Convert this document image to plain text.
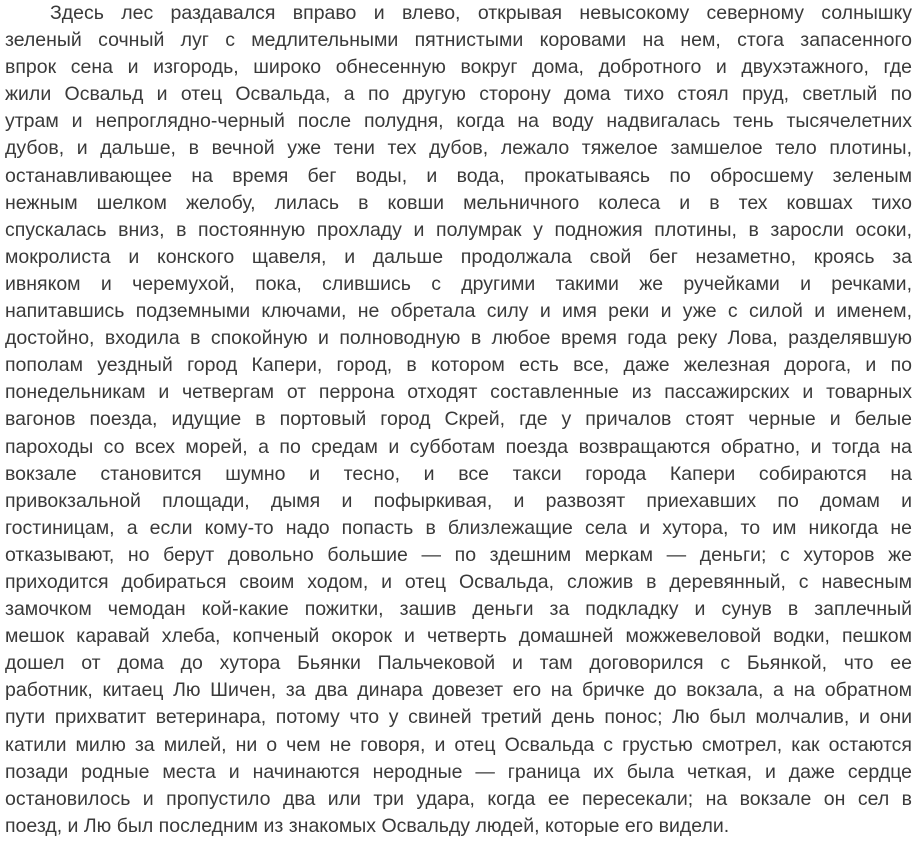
Здесь лес раздавался вправо и влево, открывая невысокому северному солнышку
зеленый сочный луг с медлительными пятнистыми коровами на нем, стога запасенного
впрок сена и изгородь, широко обнесенную вокруг дома, добротного и двухэтажного, где
жили Освальд и отец Освальда, а по другую сторону дома тихо стоял пруд, светлый по
утрам и непроглядно-черный после полудня, когда на воду надвигалась тень тысячелетних
дубов, и дальше, в вечной уже тени тех дубов, лежало тяжелое замшелое тело плотины,
останавливающее на время бег воды, и вода, прокатываясь по обросшему зеленым
нежным шелком желобу, лилась в ковши мельничного колеса и в тех ковшах тихо
спускалась вниз, в постоянную прохладу и полумрак у подножия плотины, в заросли осоки,
мокролиста и конского щавеля, и дальше продолжала свой бег незаметно, кроясь за
ивняком и черемухой, пока, слившись с другими такими же ручейками и речками,
напитавшись подземными ключами, не обретала силу и имя реки и уже с силой и именем,
достойно, входила в спокойную и полноводную в любое время года реку Лова, разделявшую
пополам уездный город Капери, город, в котором есть все, даже железная дорога, и по
понедельникам и четвергам от перрона отходят составленные из пассажирских и товарных
вагонов поезда, идущие в портовый город Скрей, где у причалов стоят черные и белые
пароходы со всех морей, а по средам и субботам поезда возвращаются обратно, и тогда на
вокзале становится шумно и тесно, и все такси города Капери собираются на
привокзальной площади, дымя и пофыркивая, и развозят приехавших по домам и
гостиницам, а если кому-то надо попасть в близлежащие села и хутора, то им никогда не
отказывают, но берут довольно большие — по здешним меркам — деньги; с хуторов же
приходится добираться своим ходом, и отец Освальда, сложив в деревянный, с навесным
замочком чемодан кой-какие пожитки, зашив деньги за подкладку и сунув в заплечный
мешок каравай хлеба, копченый окорок и четверть домашней можжевеловой водки, пешком
дошел от дома до хутора Бьянки Пальчековой и там договорился с Бьянкой, что ее
работник, китаец Лю Шичен, за два динара довезет его на бричке до вокзала, а на обратном
пути прихватит ветеринара, потому что у свиней третий день понос; Лю был молчалив, и они
катили милю за милей, ни о чем не говоря, и отец Освальда с грустью смотрел, как остаются
позади родные места и начинаются неродные — граница их была четкая, и даже сердце
остановилось и пропустило два или три удара, когда ее пересекали; на вокзале он сел в
поезд, и Лю был последним из знакомых Освальду людей, которые его видели.
